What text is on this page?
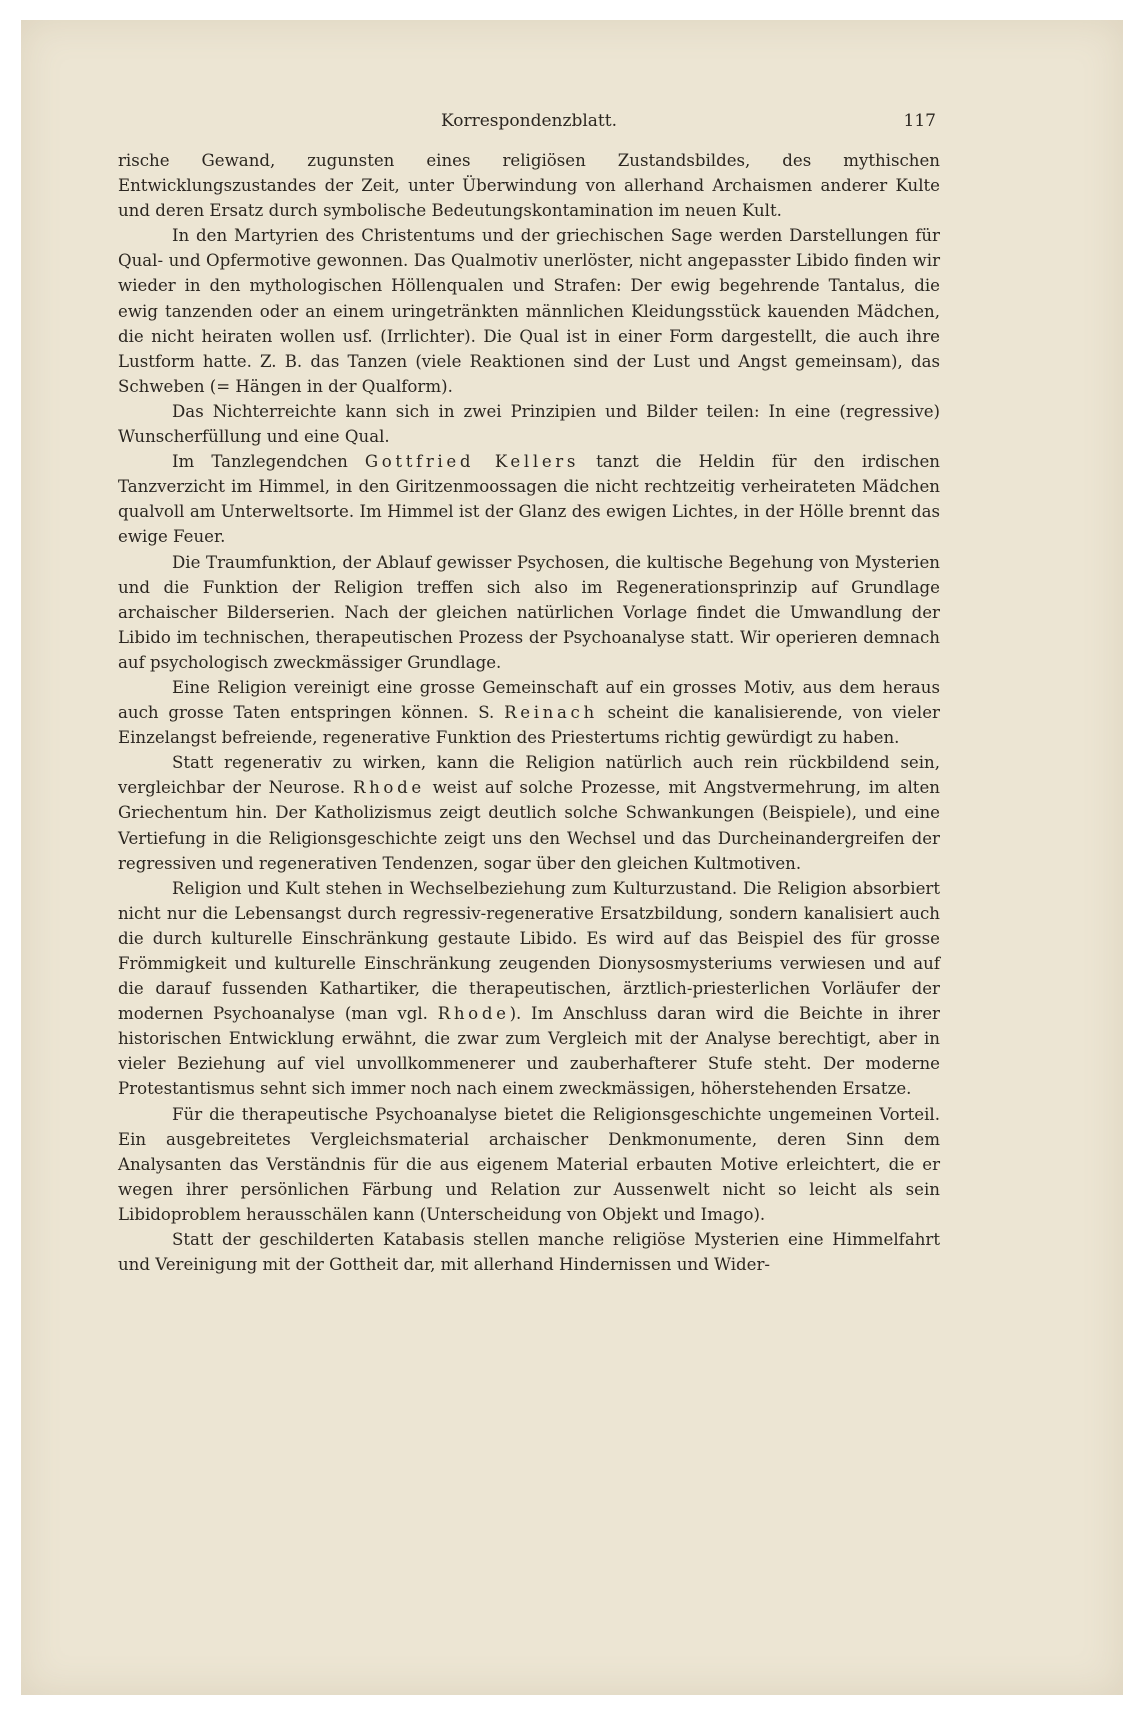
Korrespondenzblatt.	117

rische Gewand, zugunsten eines religiösen Zustandsbildes, des mythischen Entwicklungszustandes der Zeit, unter Überwindung von allerhand Archaismen anderer Kulte und deren Ersatz durch symbolische Bedeutungskontamination im neuen Kult.

In den Martyrien des Christentums und der griechischen Sage werden Darstellungen für Qual- und Opfermotive gewonnen. Das Qualmotiv unerlöster, nicht angepasster Libido finden wir wieder in den mythologischen Höllenqualen und Strafen: Der ewig begehrende Tantalus, die ewig tanzenden oder an einem uringetränkten männlichen Kleidungsstück kauenden Mädchen, die nicht heiraten wollen usf. (Irrlichter). Die Qual ist in einer Form dargestellt, die auch ihre Lustform hatte. Z. B. das Tanzen (viele Reaktionen sind der Lust und Angst gemeinsam), das Schweben (= Hängen in der Qualform).

Das Nichterreichte kann sich in zwei Prinzipien und Bilder teilen: In eine (regressive) Wunscherfüllung und eine Qual.

Im Tanzlegendchen Gottfried Kellers tanzt die Heldin für den irdischen Tanzverzicht im Himmel, in den Giritzenmoossagen die nicht rechtzeitig verheirateten Mädchen qualvoll am Unterweltsorte. Im Himmel ist der Glanz des ewigen Lichtes, in der Hölle brennt das ewige Feuer.

Die Traumfunktion, der Ablauf gewisser Psychosen, die kultische Begehung von Mysterien und die Funktion der Religion treffen sich also im Regenerationsprinzip auf Grundlage archaischer Bilderserien. Nach der gleichen natürlichen Vorlage findet die Umwandlung der Libido im technischen, therapeutischen Prozess der Psychoanalyse statt. Wir operieren demnach auf psychologisch zweckmässiger Grundlage.

Eine Religion vereinigt eine grosse Gemeinschaft auf ein grosses Motiv, aus dem heraus auch grosse Taten entspringen können. S. Reinach scheint die kanalisierende, von vieler Einzelangst befreiende, regenerative Funktion des Priestertums richtig gewürdigt zu haben.

Statt regenerativ zu wirken, kann die Religion natürlich auch rein rückbildend sein, vergleichbar der Neurose. Rhode weist auf solche Prozesse, mit Angstvermehrung, im alten Griechentum hin. Der Katholizismus zeigt deutlich solche Schwankungen (Beispiele), und eine Vertiefung in die Religionsgeschichte zeigt uns den Wechsel und das Durcheinandergreifen der regressiven und regenerativen Tendenzen, sogar über den gleichen Kultmotiven.

Religion und Kult stehen in Wechselbeziehung zum Kulturzustand. Die Religion absorbiert nicht nur die Lebensangst durch regressiv-regenerative Ersatzbildung, sondern kanalisiert auch die durch kulturelle Einschränkung gestaute Libido. Es wird auf das Beispiel des für grosse Frömmigkeit und kulturelle Einschränkung zeugenden Dionysosmysteriums verwiesen und auf die darauf fussenden Kathartiker, die therapeutischen, ärztlich-priesterlichen Vorläufer der modernen Psychoanalyse (man vgl. Rhode). Im Anschluss daran wird die Beichte in ihrer historischen Entwicklung erwähnt, die zwar zum Vergleich mit der Analyse berechtigt, aber in vieler Beziehung auf viel unvollkommenerer und zauberhafterer Stufe steht. Der moderne Protestantismus sehnt sich immer noch nach einem zweckmässigen, höherstehenden Ersatze.

Für die therapeutische Psychoanalyse bietet die Religionsgeschichte ungemeinen Vorteil. Ein ausgebreitetes Vergleichsmaterial archaischer Denkmonumente, deren Sinn dem Analysanten das Verständnis für die aus eigenem Material erbauten Motive erleichtert, die er wegen ihrer persönlichen Färbung und Relation zur Aussenwelt nicht so leicht als sein Libidoproblem herausschälen kann (Unterscheidung von Objekt und Imago).

Statt der geschilderten Katabasis stellen manche religiöse Mysterien eine Himmelfahrt und Vereinigung mit der Gottheit dar, mit allerhand Hindernissen und Wider-
